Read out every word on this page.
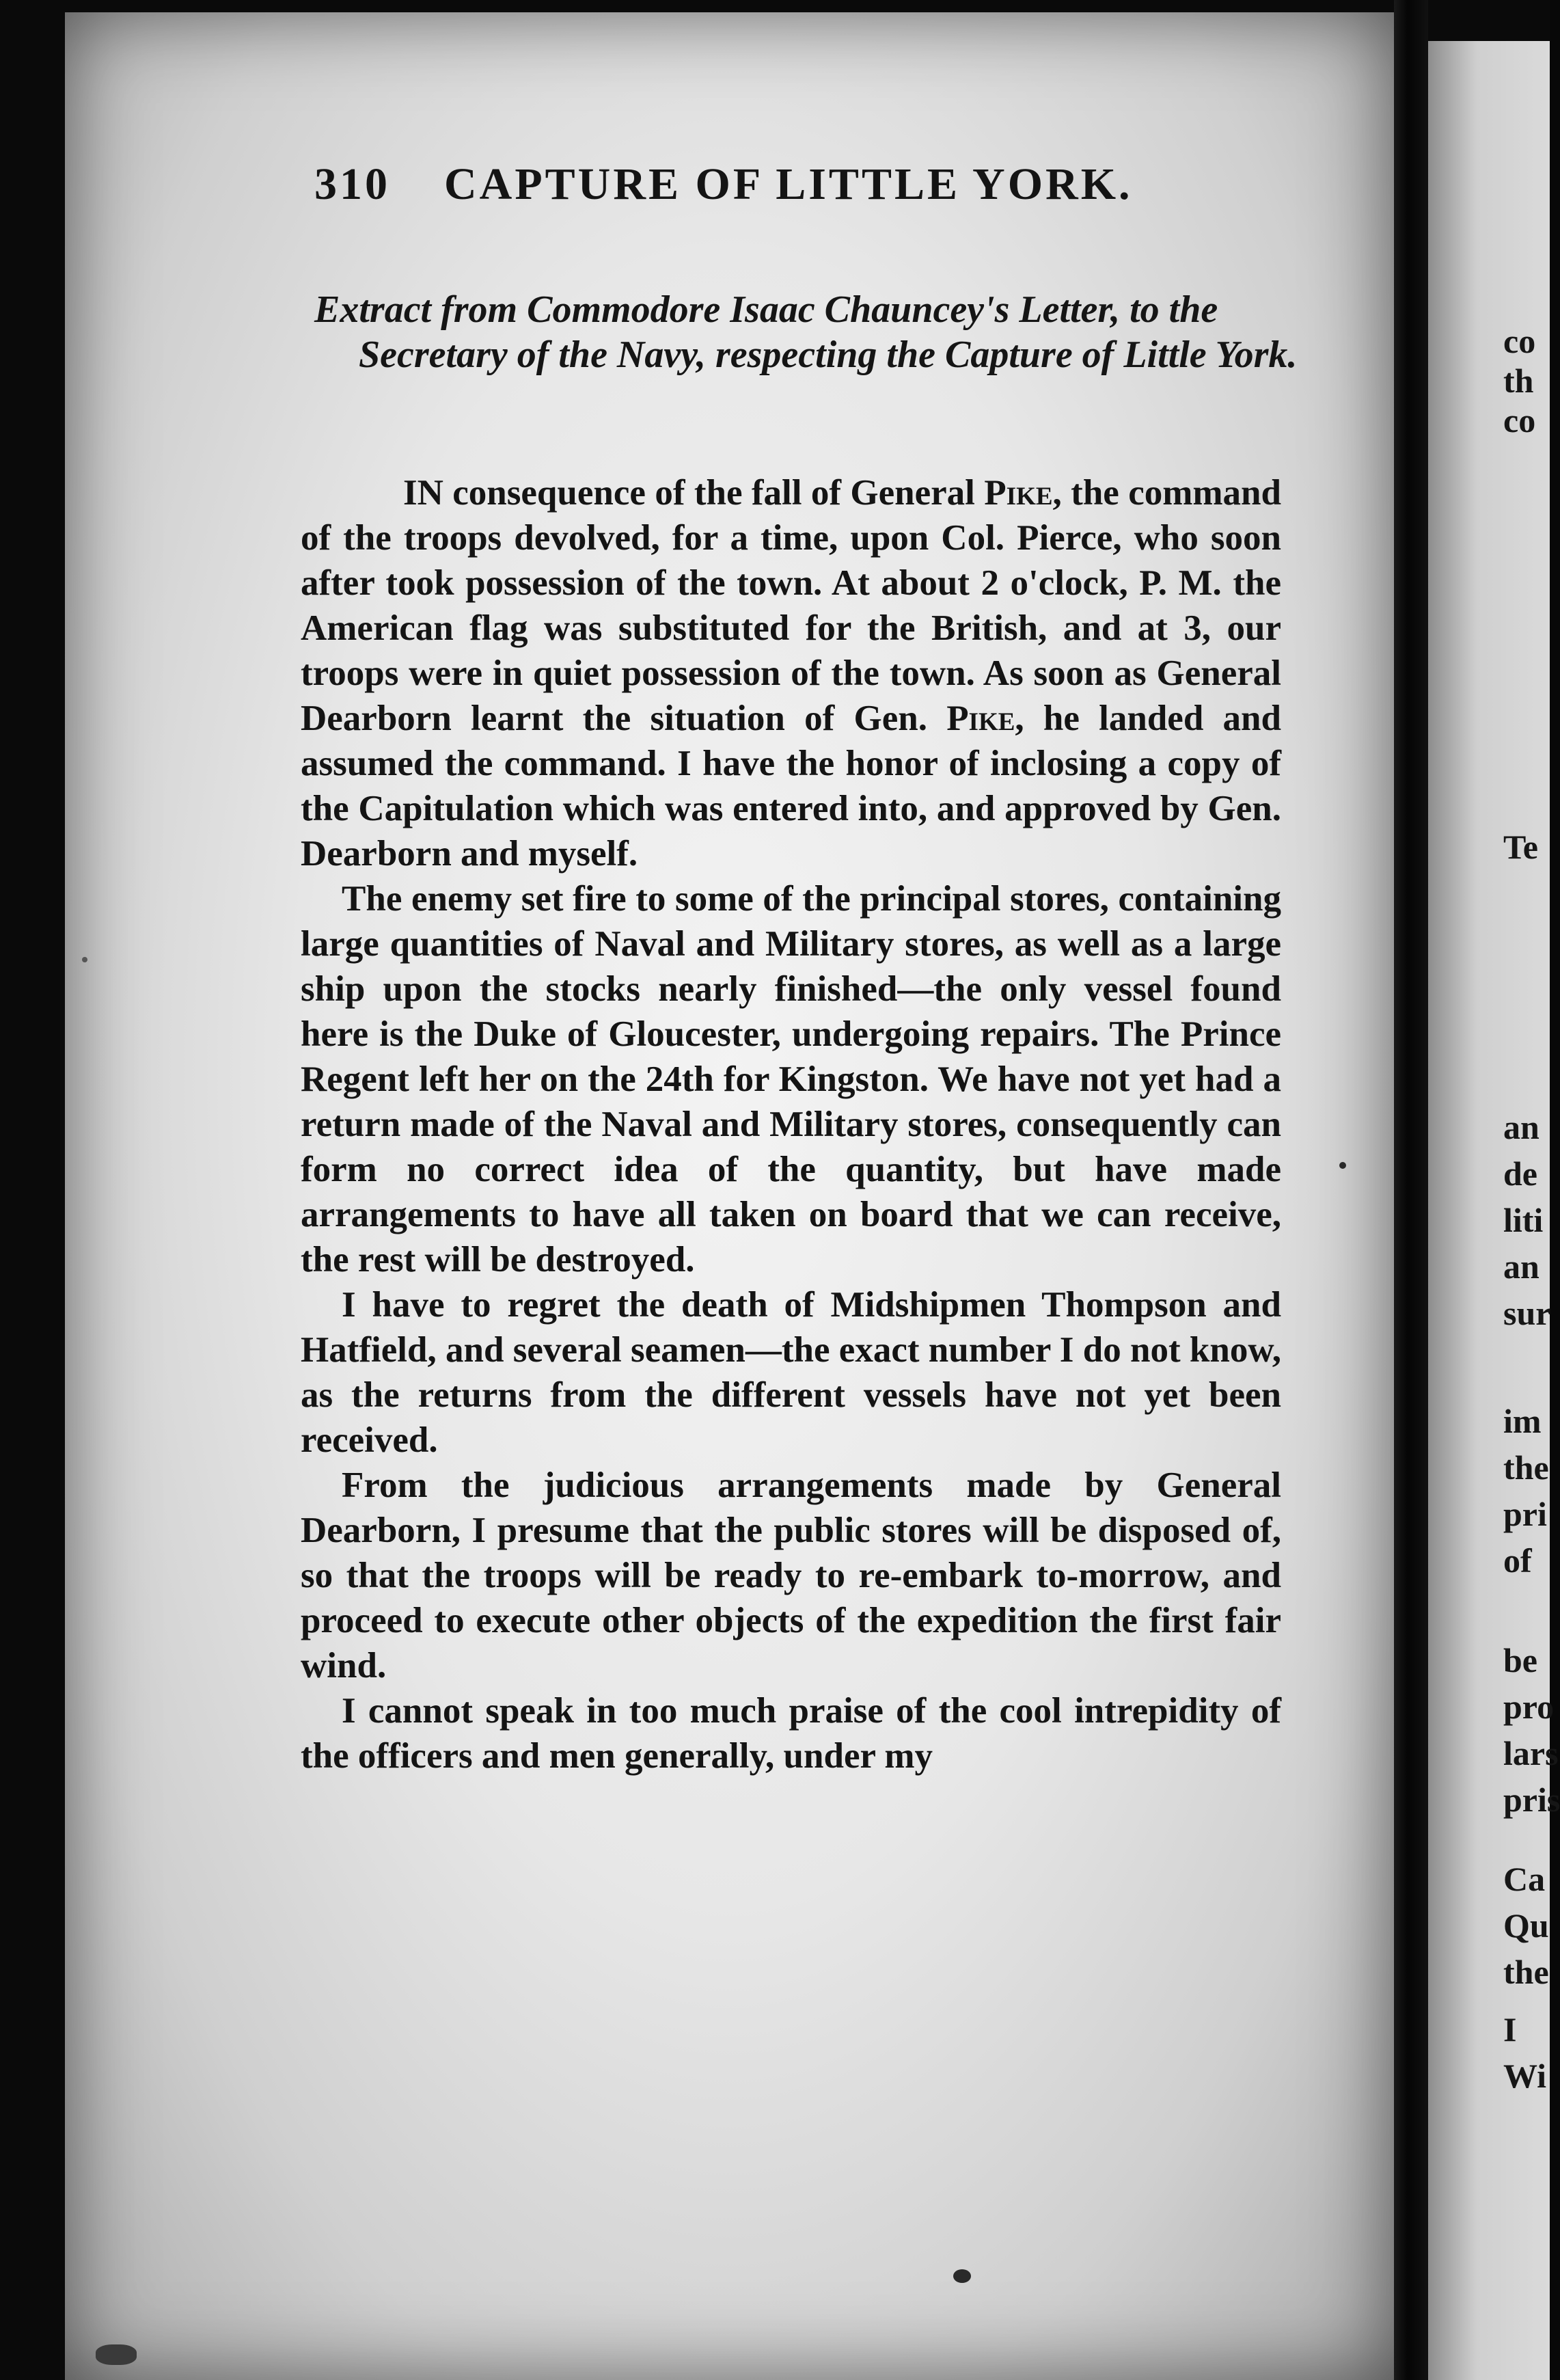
310	CAPTURE OF LITTLE YORK.
Extract from Commodore Isaac Chauncey's Letter, to the Secretary of the Navy, respecting the Capture of Little York.

IN consequence of the fall of General Pike, the command of the troops devolved, for a time, upon Col. Pierce, who soon after took possession of the town. At about 2 o'clock, P. M. the American flag was substituted for the British, and at 3, our troops were in quiet possession of the town. As soon as General Dearborn learnt the situation of Gen. Pike, he landed and assumed the command. I have the honor of inclosing a copy of the Capitulation which was entered into, and approved by Gen. Dearborn and myself.

The enemy set fire to some of the principal stores, containing large quantities of Naval and Military stores, as well as a large ship upon the stocks nearly finished—the only vessel found here is the Duke of Gloucester, undergoing repairs. The Prince Regent left her on the 24th for Kingston. We have not yet had a return made of the Naval and Military stores, consequently can form no correct idea of the quantity, but have made arrangements to have all taken on board that we can receive, the rest will be destroyed.

I have to regret the death of Midshipmen Thompson and Hatfield, and several seamen—the exact number I do not know, as the returns from the different vessels have not yet been received.

From the judicious arrangements made by General Dearborn, I presume that the public stores will be disposed of, so that the troops will be ready to re-embark to-morrow, and proceed to execute other objects of the expedition the first fair wind.

I cannot speak in too much praise of the cool intrepidity of the officers and men generally, under my

co
th
co
Te
an
de
liti
an
sur
im
the
pri
of
be
pro
lars
pris
Ca
Qu
the
I
Wi
